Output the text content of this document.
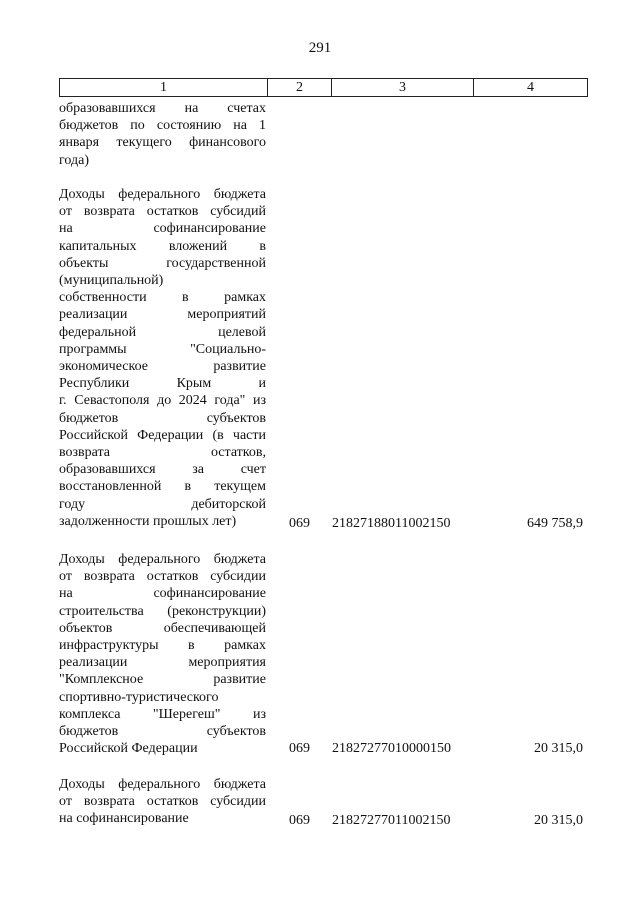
291
1	2	3	4
образовавшихся на счетах
бюджетов по состоянию на 1
января текущего финансового
года)
Доходы федерального бюджета
от возврата остатков субсидий
на софинансирование
капитальных вложений в
объекты государственной
(муниципальной)
собственности в рамках
реализации мероприятий
федеральной целевой
программы "Социально-
экономическое развитие
Республики Крым и
г. Севастополя до 2024 года" из
бюджетов субъектов
Российской Федерации (в части
возврата остатков,
образовавшихся за счет
восстановленной в текущем
году дебиторской
задолженности прошлых лет)	069 21827188011002150	649 758,9
Доходы федерального бюджета
от возврата остатков субсидии
на софинансирование
строительства (реконструкции)
объектов обеспечивающей
инфраструктуры в рамках
реализации мероприятия
"Комплексное развитие
спортивно-туристического
комплекса "Шерегеш" из
бюджетов субъектов
Российской Федерации	069 21827277010000150	20 315,0
Доходы федерального бюджета
от возврата остатков субсидии
на софинансирование	069 21827277011002150	20 315,0
